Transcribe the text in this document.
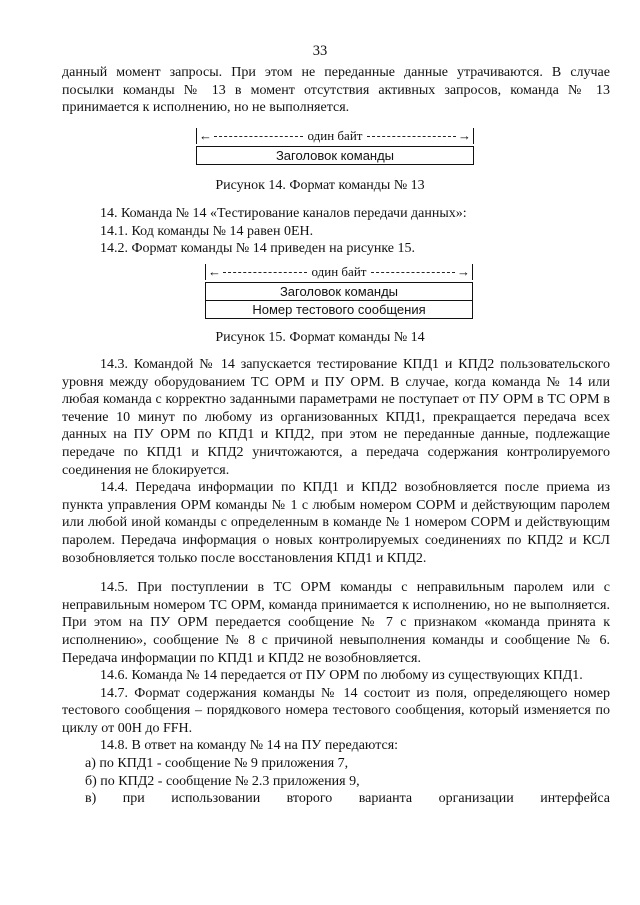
33
данный момент запросы. При этом не переданные данные утрачиваются. В случае
посылки команды № 13 в момент отсутствия активных запросов, команда № 13
принимается к исполнению, но не выполняется.
←	один байт	→
Заголовок команды
Рисунок 14. Формат команды № 13
14. Команда № 14 «Тестирование каналов передачи данных»:
14.1. Код команды № 14 равен 0ЕН.
14.2. Формат команды № 14 приведен на рисунке 15.
←	один байт	→
Заголовок команды
Номер тестового сообщения
Рисунок 15. Формат команды № 14

14.3. Командой № 14 запускается тестирование КПД1 и КПД2 пользовательского уровня между оборудованием ТС ОРМ и ПУ ОРМ. В случае, когда команда № 14 или любая команда с корректно заданными параметрами не поступает от ПУ ОРМ в ТС ОРМ в течение 10 минут по любому из организованных КПД1, прекращается передача всех данных на ПУ ОРМ по КПД1 и КПД2, при этом не переданные данные, подлежащие передаче по КПД1 и КПД2 уничтожаются, а передача содержания контролируемого соединения не блокируется.

14.4. Передача информации по КПД1 и КПД2 возобновляется после приема из пункта управления ОРМ команды № 1 с любым номером СОРМ и действующим паролем или любой иной команды с определенным в команде № 1 номером СОРМ и действующим паролем. Передача информация о новых контролируемых соединениях по КПД2 и КСЛ возобновляется только после восстановления КПД1 и КПД2.

14.5. При поступлении в ТС ОРМ команды с неправильным паролем или с неправильным номером ТС ОРМ, команда принимается к исполнению, но не выполняется. При этом на ПУ ОРМ передается сообщение № 7 с признаком «команда принята к исполнению», сообщение № 8 с причиной невыполнения команды и сообщение № 6. Передача информации по КПД1 и КПД2 не возобновляется.

14.6. Команда № 14 передается от ПУ ОРМ по любому из существующих КПД1.

14.7. Формат содержания команды № 14 состоит из поля, определяющего номер тестового сообщения – порядкового номера тестового сообщения, который изменяется по циклу от 00Н до FFH.

14.8. В ответ на команду № 14 на ПУ передаются:

а) по КПД1 - сообщение № 9 приложения 7,
б) по КПД2 - сообщение № 2.3 приложения 9,
в) при использовании второго варианта организации интерфейса
